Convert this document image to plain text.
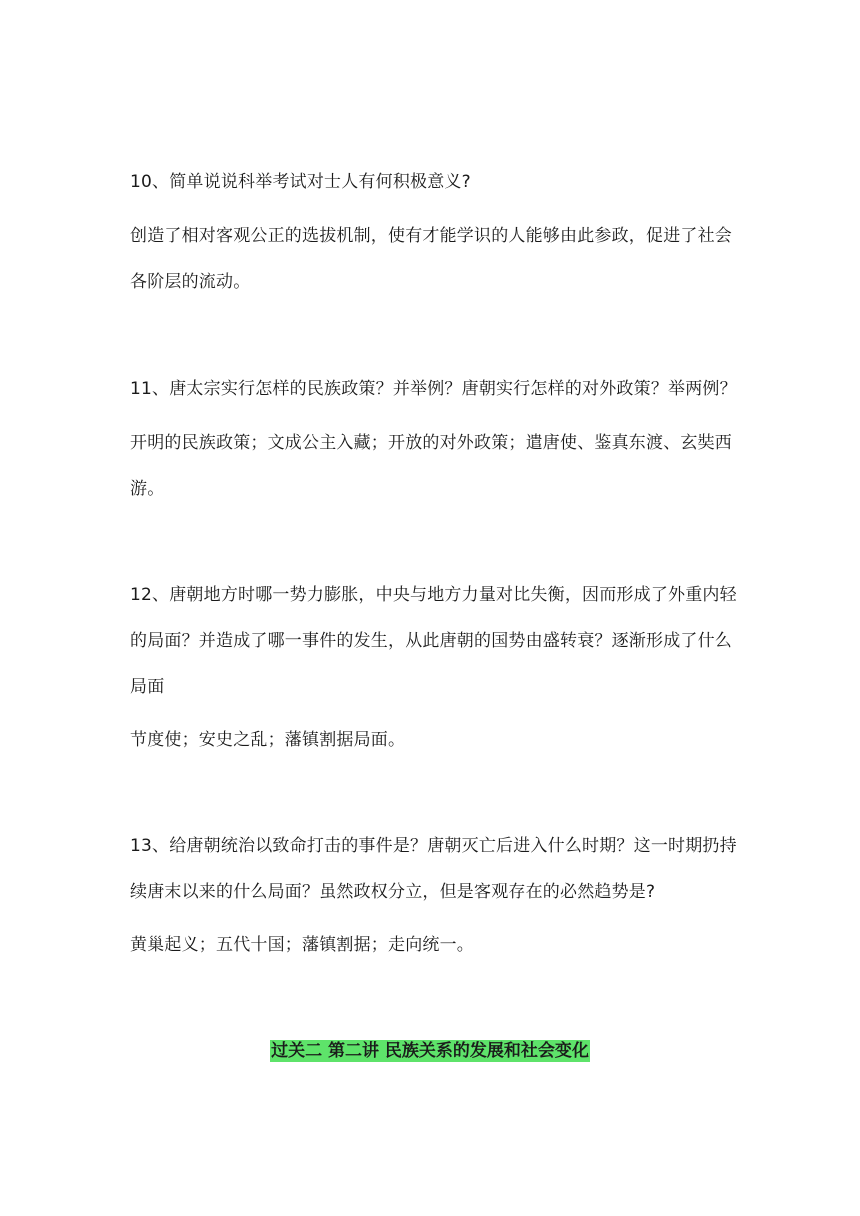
10、简单说说科举考试对士人有何积极意义?
创造了相对客观公正的选拔机制，使有才能学识的人能够由此参政，促进了社会
各阶层的流动。
11、唐太宗实行怎样的民族政策？并举例？唐朝实行怎样的对外政策？举两例？
开明的民族政策；文成公主入藏；开放的对外政策；遣唐使、鉴真东渡、玄奘西
游。
12、唐朝地方时哪一势力膨胀，中央与地方力量对比失衡，因而形成了外重内轻
的局面？并造成了哪一事件的发生，从此唐朝的国势由盛转衰？逐渐形成了什么
局面
节度使；安史之乱；藩镇割据局面。
13、给唐朝统治以致命打击的事件是？唐朝灭亡后进入什么时期？这一时期扔持
续唐末以来的什么局面？虽然政权分立，但是客观存在的必然趋势是?
黄巢起义；五代十国；藩镇割据；走向统一。
过关二 第二讲 民族关系的发展和社会变化
